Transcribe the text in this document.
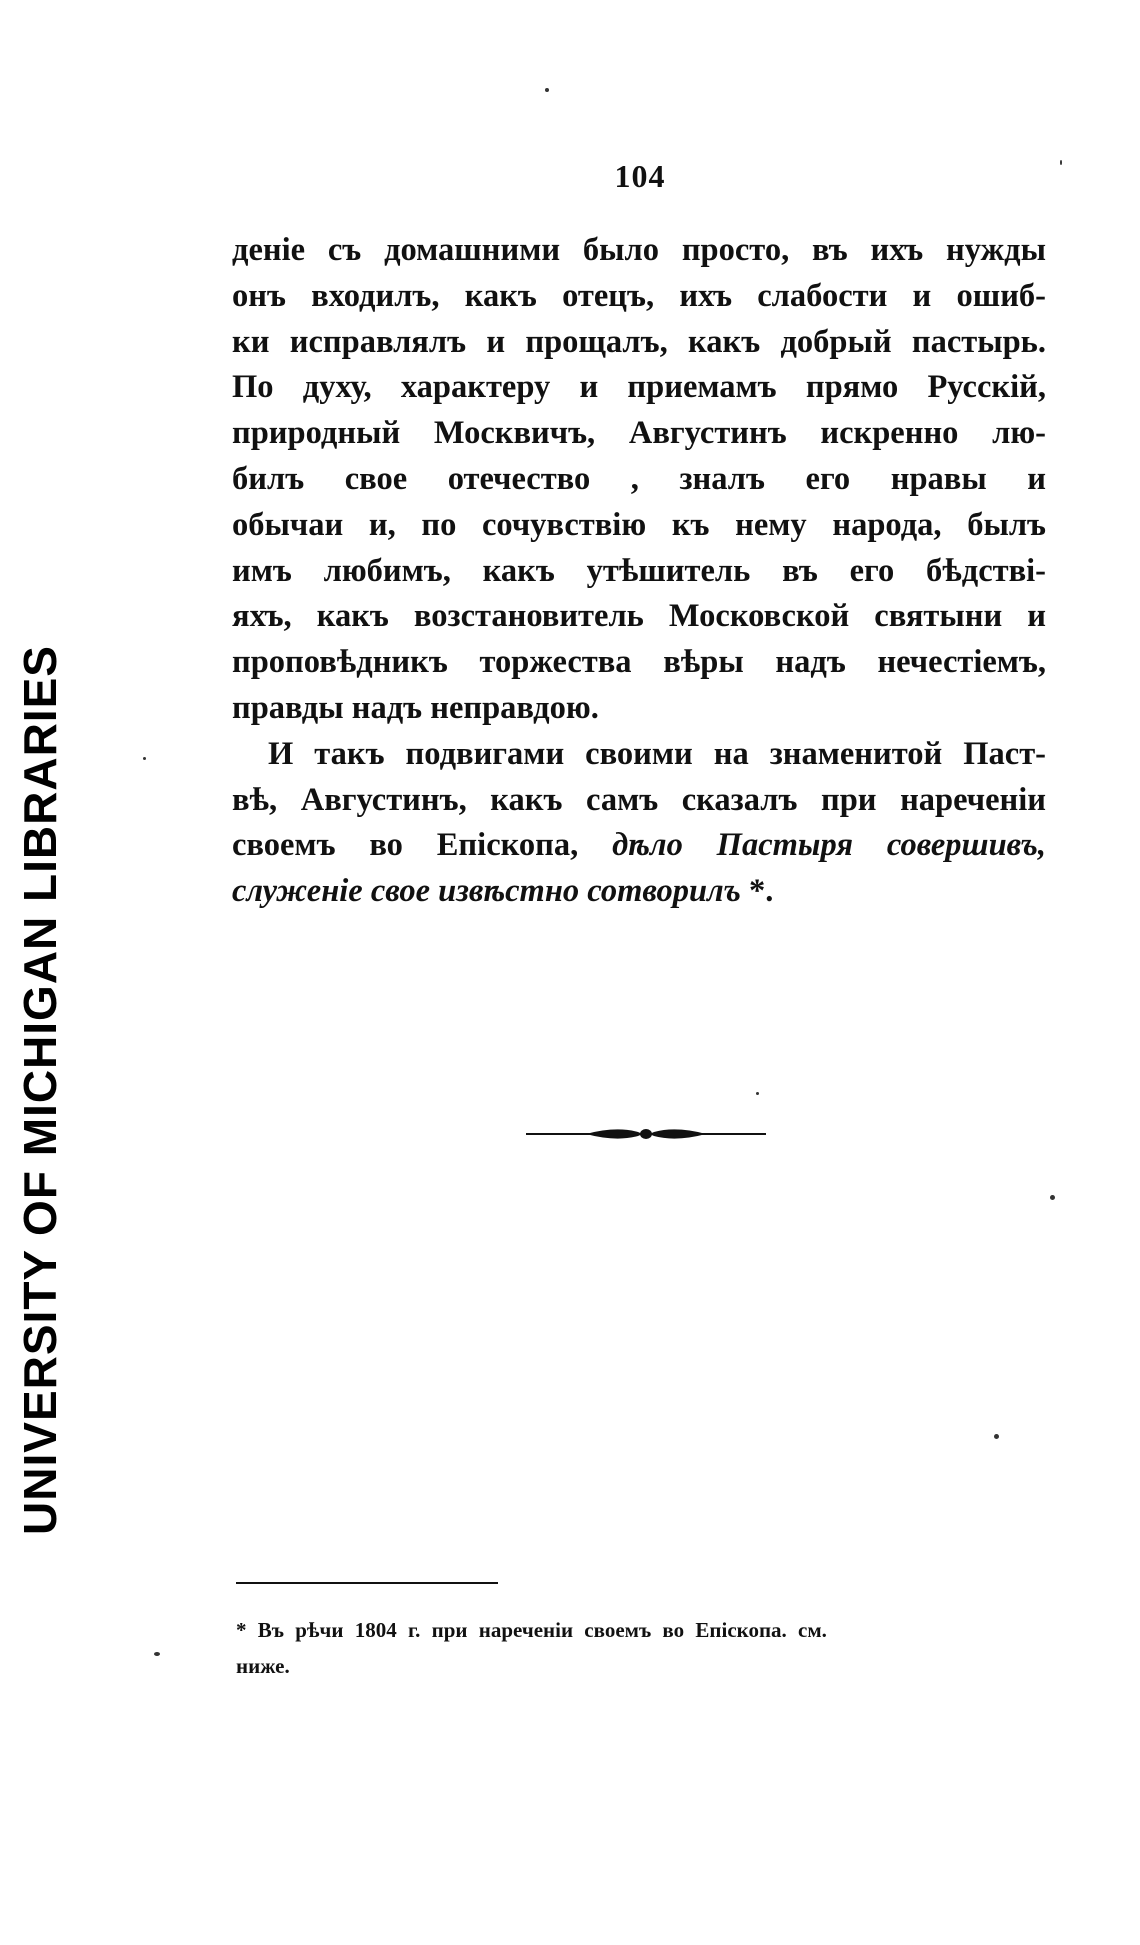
104
деніе съ домашними было просто, въ ихъ нужды
онъ входилъ, какъ отецъ, ихъ слабости и ошиб-
ки исправлялъ и прощалъ, какъ добрый пастырь.
По духу, характеру и приемамъ прямо Русскій,
природный Москвичъ, Августинъ искренно лю-
билъ свое отечество , зналъ его нравы и
обычаи и, по сочувствію къ нему народа, былъ
имъ любимъ, какъ утѣшитель въ его бѣдстві-
яхъ, какъ возстановитель Московской святыни и
проповѣдникъ торжества вѣры надъ нечестіемъ,
правды надъ неправдою.
И такъ подвигами своими на знаменитой Паст-
вѣ, Августинъ, какъ самъ сказалъ при нареченіи
своемъ во Епіскопа, дѣло Пастыря совершивъ,
служеніе свое извѣстно сотворилъ *.
* Въ рѣчи 1804 г. при нареченіи своемъ во Епіскопа. см.
ниже.
UNIVERSITY OF MICHIGAN LIBRARIES
